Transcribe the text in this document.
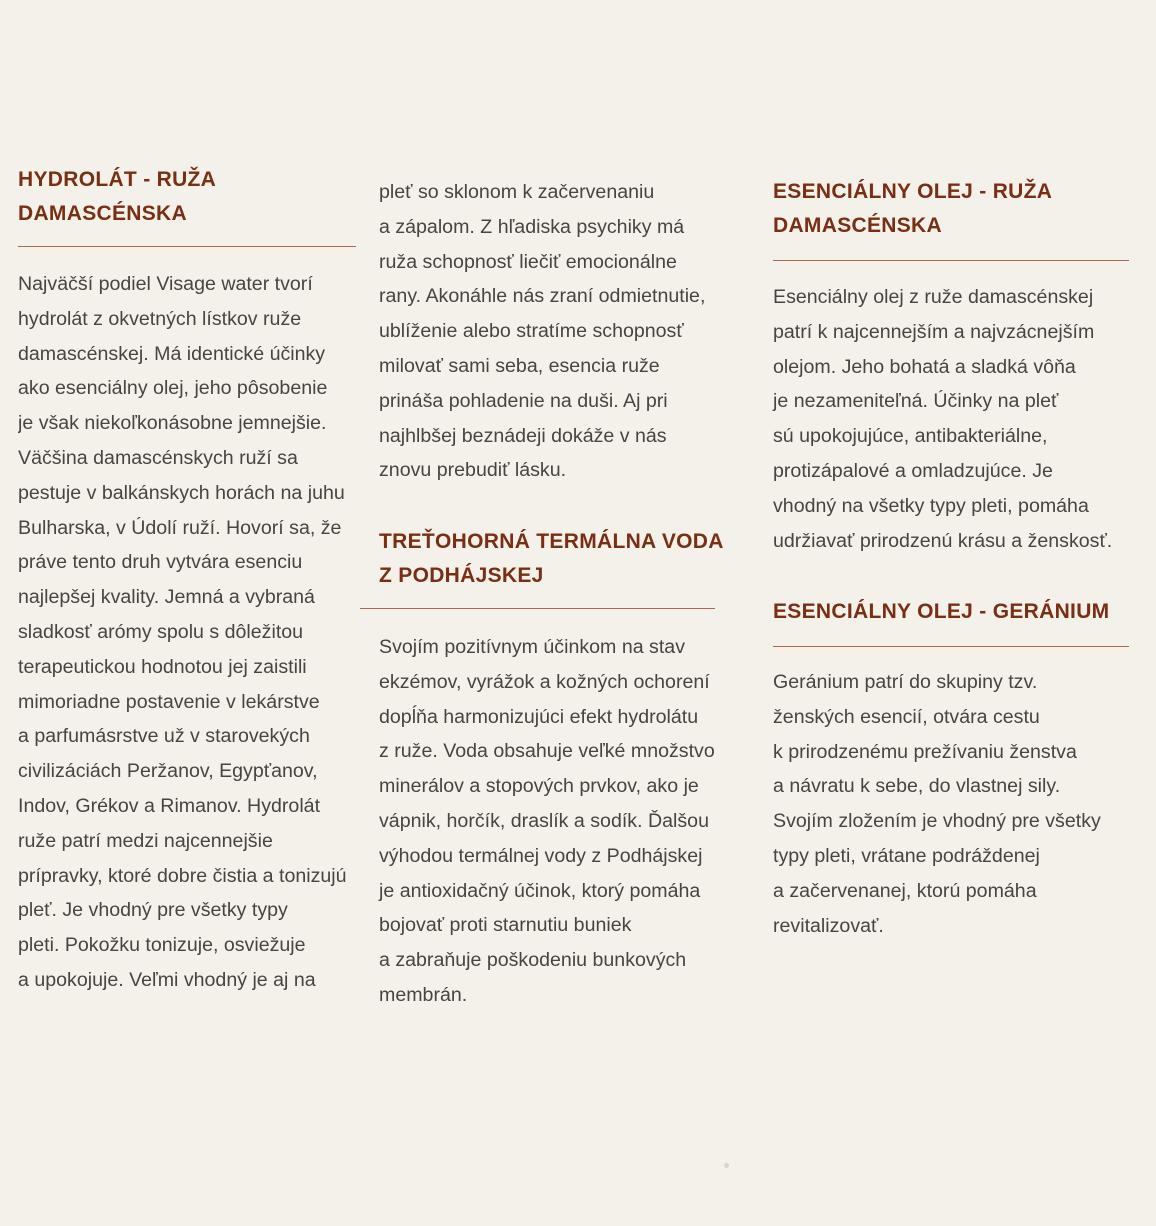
HYDROLÁT - RUŽA
DAMASCÉNSKA

Najväčší podiel Visage water tvorí
hydrolát z okvetných lístkov ruže
damascénskej. Má identické účinky
ako esenciálny olej, jeho pôsobenie
je však niekoľkonásobne jemnejšie.
Väčšina damascénskych ruží sa
pestuje v balkánskych horách na juhu
Bulharska, v Údolí ruží. Hovorí sa, že
práve tento druh vytvára esenciu
najlepšej kvality. Jemná a vybraná
sladkosť arómy spolu s dôležitou
terapeutickou hodnotou jej zaistili
mimoriadne postavenie v lekárstve
a parfumásrstve už v starovekých
civilizáciách Peržanov, Egypťanov,
Indov, Grékov a Rimanov. Hydrolát
ruže patrí medzi najcennejšie
prípravky, ktoré dobre čistia a tonizujú
pleť. Je vhodný pre všetky typy
pleti. Pokožku tonizuje, osviežuje
a upokojuje. Veľmi vhodný je aj na

pleť so sklonom k začervenaniu
a zápalom. Z hľadiska psychiky má
ruža schopnosť liečiť emocionálne
rany. Akonáhle nás zraní odmietnutie,
ublíženie alebo stratíme schopnosť
milovať sami seba, esencia ruže
prináša pohladenie na duši. Aj pri
najhlbšej beznádeji dokáže v nás
znovu prebudiť lásku.

TREŤOHORNÁ TERMÁLNA VODA
Z PODHÁJSKEJ

Svojím pozitívnym účinkom na stav
ekzémov, vyrážok a kožných ochorení
dopĺňa harmonizujúci efekt hydrolátu
z ruže. Voda obsahuje veľké množstvo
minerálov a stopových prvkov, ako je
vápnik, horčík, draslík a sodík. Ďalšou
výhodou termálnej vody z Podhájskej
je antioxidačný účinok, ktorý pomáha
bojovať proti starnutiu buniek
a zabraňuje poškodeniu bunkových
membrán.

ESENCIÁLNY OLEJ - RUŽA
DAMASCÉNSKA

Esenciálny olej z ruže damascénskej
patrí k najcennejším a najvzácnejším
olejom. Jeho bohatá a sladká vôňa
je nezameniteľná. Účinky na pleť
sú upokojujúce, antibakteriálne,
protizápalové a omladzujúce. Je
vhodný na všetky typy pleti, pomáha
udržiavať prirodzenú krásu a ženskosť.

ESENCIÁLNY OLEJ - GERÁNIUM

Geránium patrí do skupiny tzv.
ženských esencií, otvára cestu
k prirodzenému prežívaniu ženstva
a návratu k sebe, do vlastnej sily.
Svojím zložením je vhodný pre všetky
typy pleti, vrátane podráždenej
a začervenanej, ktorú pomáha
revitalizovať.
